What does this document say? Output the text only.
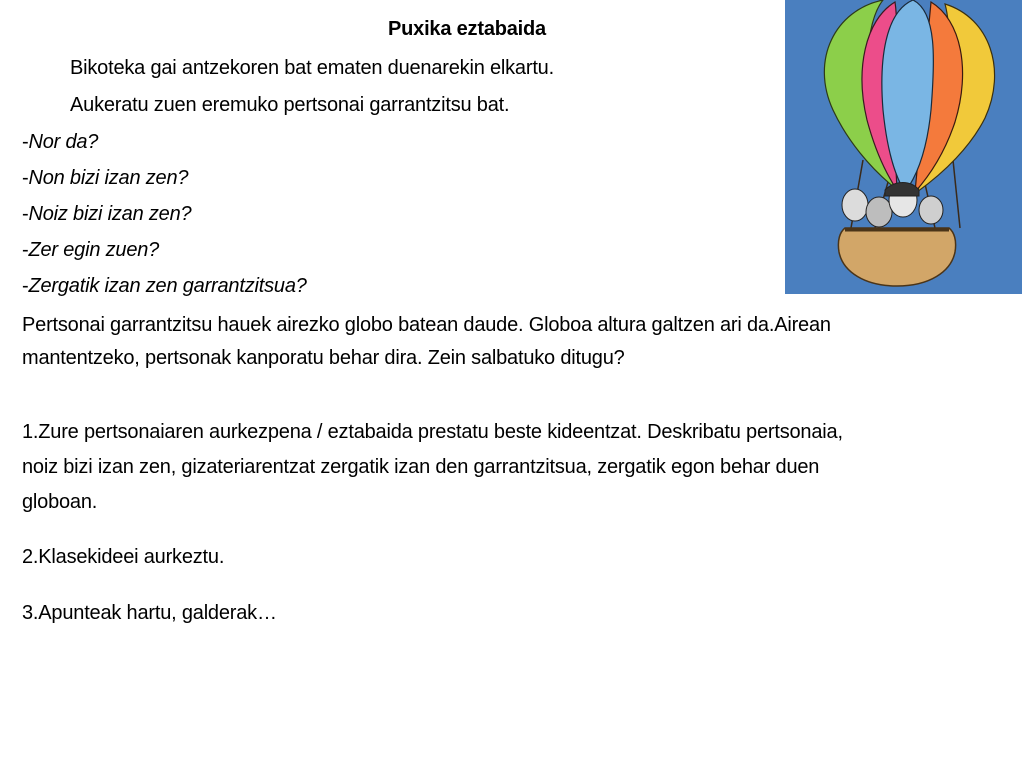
Puxika eztabaida
Bikoteka gai antzekoren bat ematen duenarekin elkartu.
Aukeratu zuen eremuko pertsonai garrantzitsu bat.
-Nor da?
-Non bizi izan zen?
-Noiz bizi izan zen?
-Zer egin zuen?
-Zergatik izan zen garrantzitsua?
Pertsonai garrantzitsu hauek airezko globo batean daude. Globoa altura galtzen ari da.Airean
mantentzeko, pertsonak kanporatu behar dira. Zein salbatuko ditugu?
1.Zure pertsonaiaren aurkezpena / eztabaida prestatu beste kideentzat. Deskribatu pertsonaia,
noiz bizi izan zen, gizateriarentzat zergatik izan den garrantzitsua, zergatik egon behar duen
globoan.
2.Klasekideei aurkeztu.
3.Apunteak hartu, galderak…
